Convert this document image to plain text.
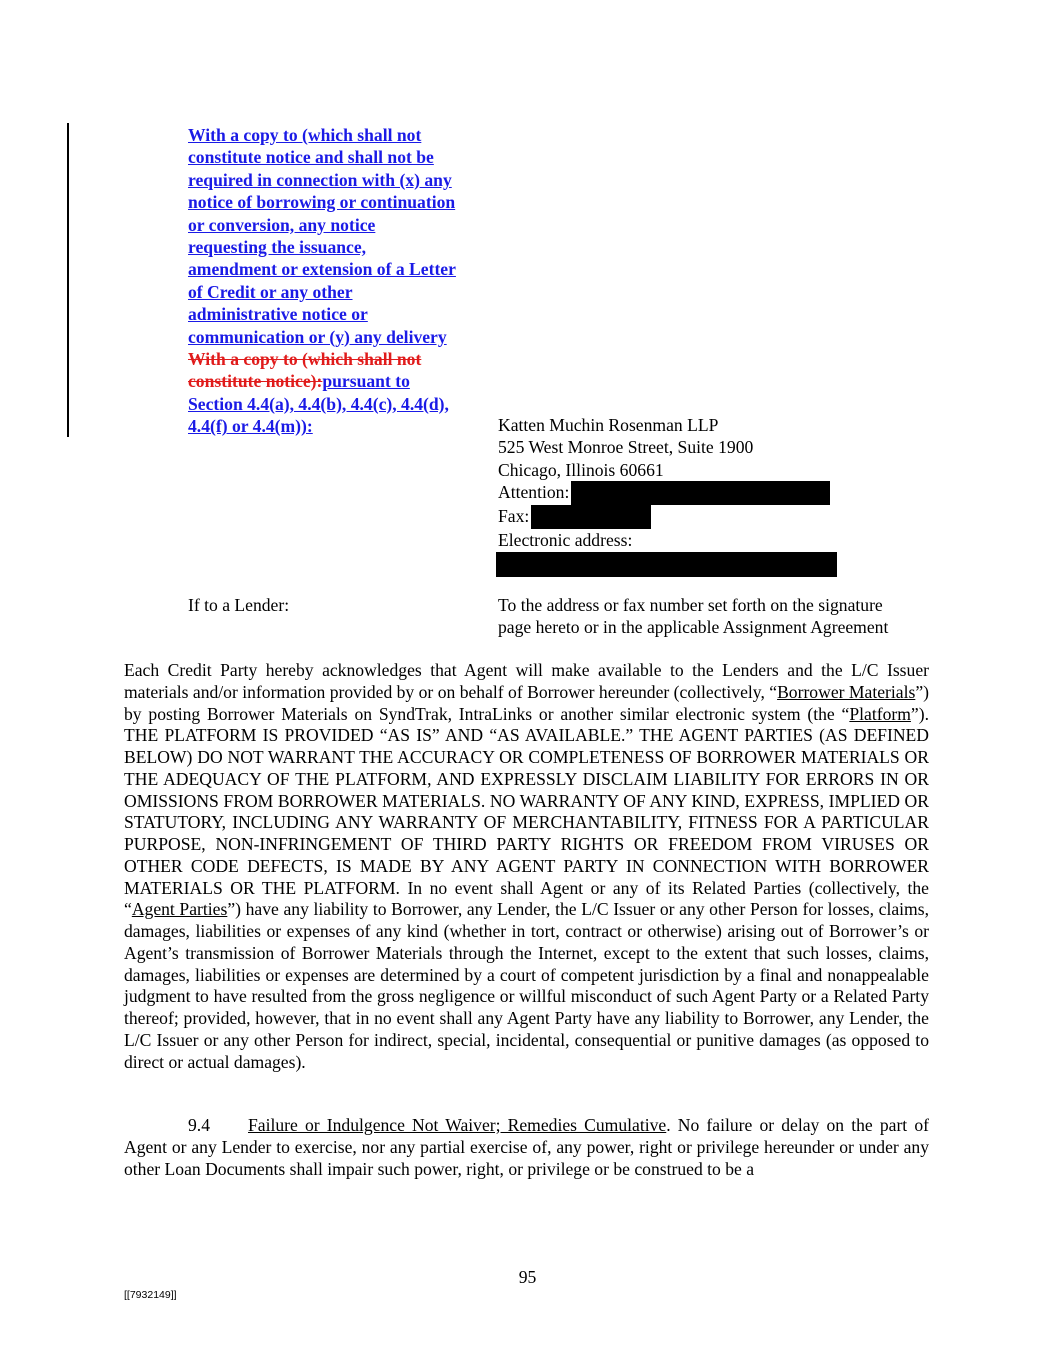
With a copy to (which shall not
constitute notice and shall not be
required in connection with (x) any
notice of borrowing or continuation
or conversion, any notice
requesting the issuance,
amendment or extension of a Letter
of Credit or any other
administrative notice or
communication or (y) any delivery
With a copy to (which shall not
constitute notice):pursuant to
Section 4.4(a), 4.4(b), 4.4(c), 4.4(d),
4.4(f) or 4.4(m)):	Katten Muchin Rosenman LLP
525 West Monroe Street, Suite 1900
Chicago, Illinois 60661
Attention:
Fax:
Electronic address:
If to a Lender:	To the address or fax number set forth on the signature
page hereto or in the applicable Assignment Agreement

Each Credit Party hereby acknowledges that Agent will make available to the Lenders and the L/C Issuer materials and/or information provided by or on behalf of Borrower hereunder (collectively, “Borrower Materials”) by posting Borrower Materials on SyndTrak, IntraLinks or another similar electronic system (the “Platform”). THE PLATFORM IS PROVIDED “AS IS” AND “AS AVAILABLE.” THE AGENT PARTIES (AS DEFINED BELOW) DO NOT WARRANT THE ACCURACY OR COMPLETENESS OF BORROWER MATERIALS OR THE ADEQUACY OF THE PLATFORM, AND EXPRESSLY DISCLAIM LIABILITY FOR ERRORS IN OR OMISSIONS FROM BORROWER MATERIALS. NO WARRANTY OF ANY KIND, EXPRESS, IMPLIED OR STATUTORY, INCLUDING ANY WARRANTY OF MERCHANTABILITY, FITNESS FOR A PARTICULAR PURPOSE, NON-INFRINGEMENT OF THIRD PARTY RIGHTS OR FREEDOM FROM VIRUSES OR OTHER CODE DEFECTS, IS MADE BY ANY AGENT PARTY IN CONNECTION WITH BORROWER MATERIALS OR THE PLATFORM. In no event shall Agent or any of its Related Parties (collectively, the “Agent Parties”) have any liability to Borrower, any Lender, the L/C Issuer or any other Person for losses, claims, damages, liabilities or expenses of any kind (whether in tort, contract or otherwise) arising out of Borrower’s or Agent’s transmission of Borrower Materials through the Internet, except to the extent that such losses, claims, damages, liabilities or expenses are determined by a court of competent jurisdiction by a final and nonappealable judgment to have resulted from the gross negligence or willful misconduct of such Agent Party or a Related Party thereof; provided, however, that in no event shall any Agent Party have any liability to Borrower, any Lender, the L/C Issuer or any other Person for indirect, special, incidental, consequential or punitive damages (as opposed to direct or actual damages).

9.4 Failure or Indulgence Not Waiver; Remedies Cumulative. No failure or delay on the part of Agent or any Lender to exercise, nor any partial exercise of, any power, right or privilege hereunder or under any other Loan Documents shall impair such power, right, or privilege or be construed to be a

95
[[7932149]]
